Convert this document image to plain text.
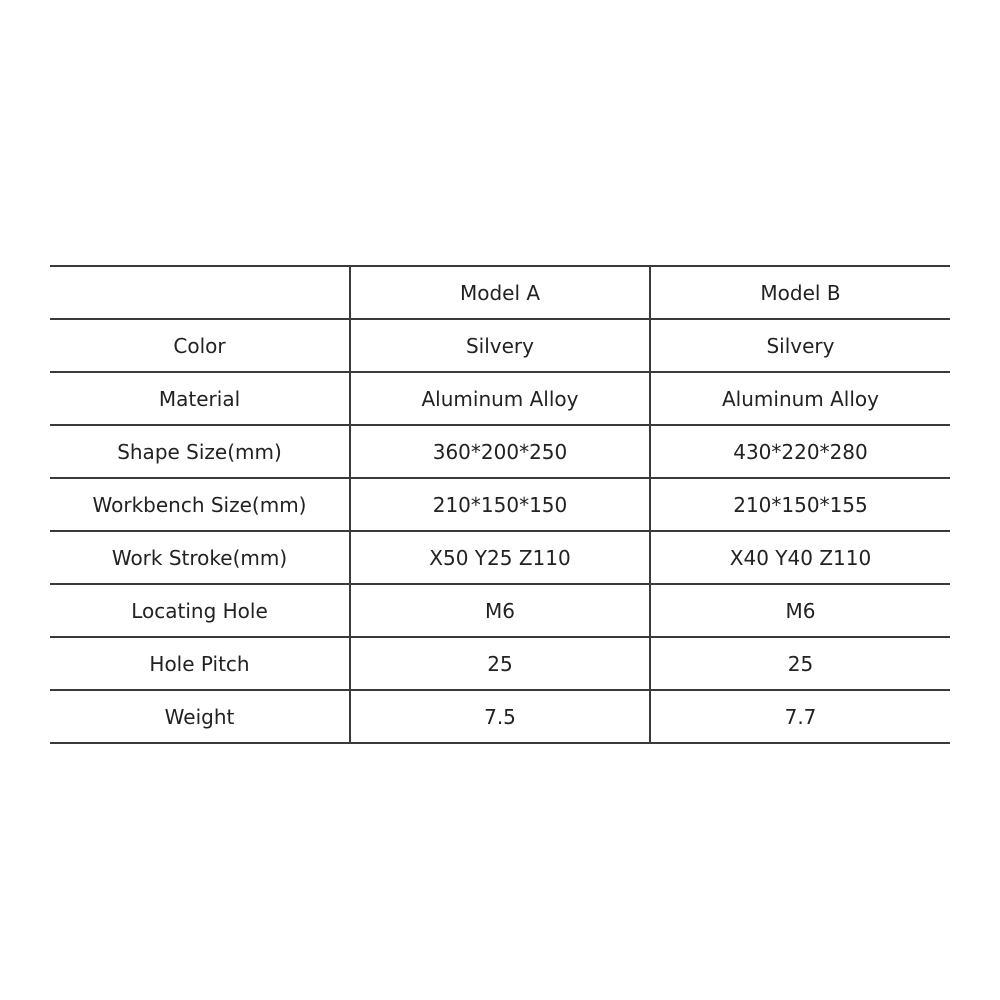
	Model A	Model B
Color	Silvery	Silvery
Material	Aluminum Alloy	Aluminum Alloy
Shape Size(mm)	360*200*250	430*220*280
Workbench Size(mm)	210*150*150	210*150*155
Work Stroke(mm)	X50 Y25 Z110	X40 Y40 Z110
Locating Hole	M6	M6
Hole Pitch	25	25
Weight	7.5	7.7
